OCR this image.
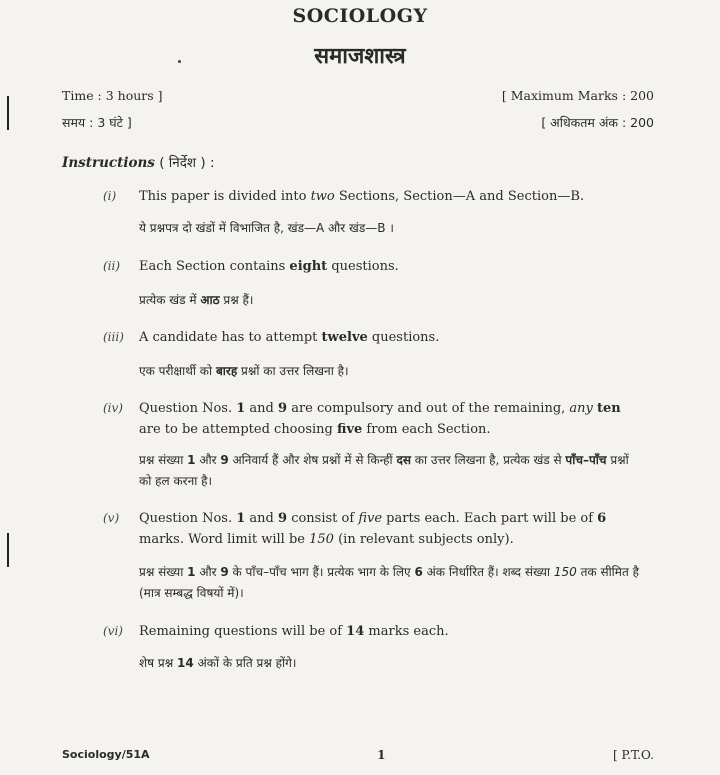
SOCIOLOGY
समाजशास्त्र
Time : 3 hours ]	[ Maximum Marks : 200
समय : 3 घंटे ]	[ अधिकतम अंक : 200
Instructions ( निर्देश ) :
(i) This paper is divided into two Sections, Section—A and Section—B.
ये प्रश्नपत्र दो खंडों में विभाजित है, खंड—A और खंड—B ।
(ii) Each Section contains eight questions.
प्रत्येक खंड में आठ प्रश्न हैं।
(iii) A candidate has to attempt twelve questions.
एक परीक्षार्थी को बारह प्रश्नों का उत्तर लिखना है।
(iv) Question Nos. 1 and 9 are compulsory and out of the remaining, any ten are to be attempted choosing five from each Section.
प्रश्न संख्या 1 और 9 अनिवार्य हैं और शेष प्रश्नों में से किन्हीं दस का उत्तर लिखना है, प्रत्येक खंड से पाँच–पाँच प्रश्नों को हल करना है।
(v) Question Nos. 1 and 9 consist of five parts each. Each part will be of 6 marks. Word limit will be 150 (in relevant subjects only).
प्रश्न संख्या 1 और 9 के पाँच–पाँच भाग हैं। प्रत्येक भाग के लिए 6 अंक निर्धारित हैं। शब्द संख्या 150 तक सीमित है (मात्र सम्बद्ध विषयों में)।
(vi) Remaining questions will be of 14 marks each.
शेष प्रश्न 14 अंकों के प्रति प्रश्न होंगे।
Sociology/51A	1	[ P.T.O.
